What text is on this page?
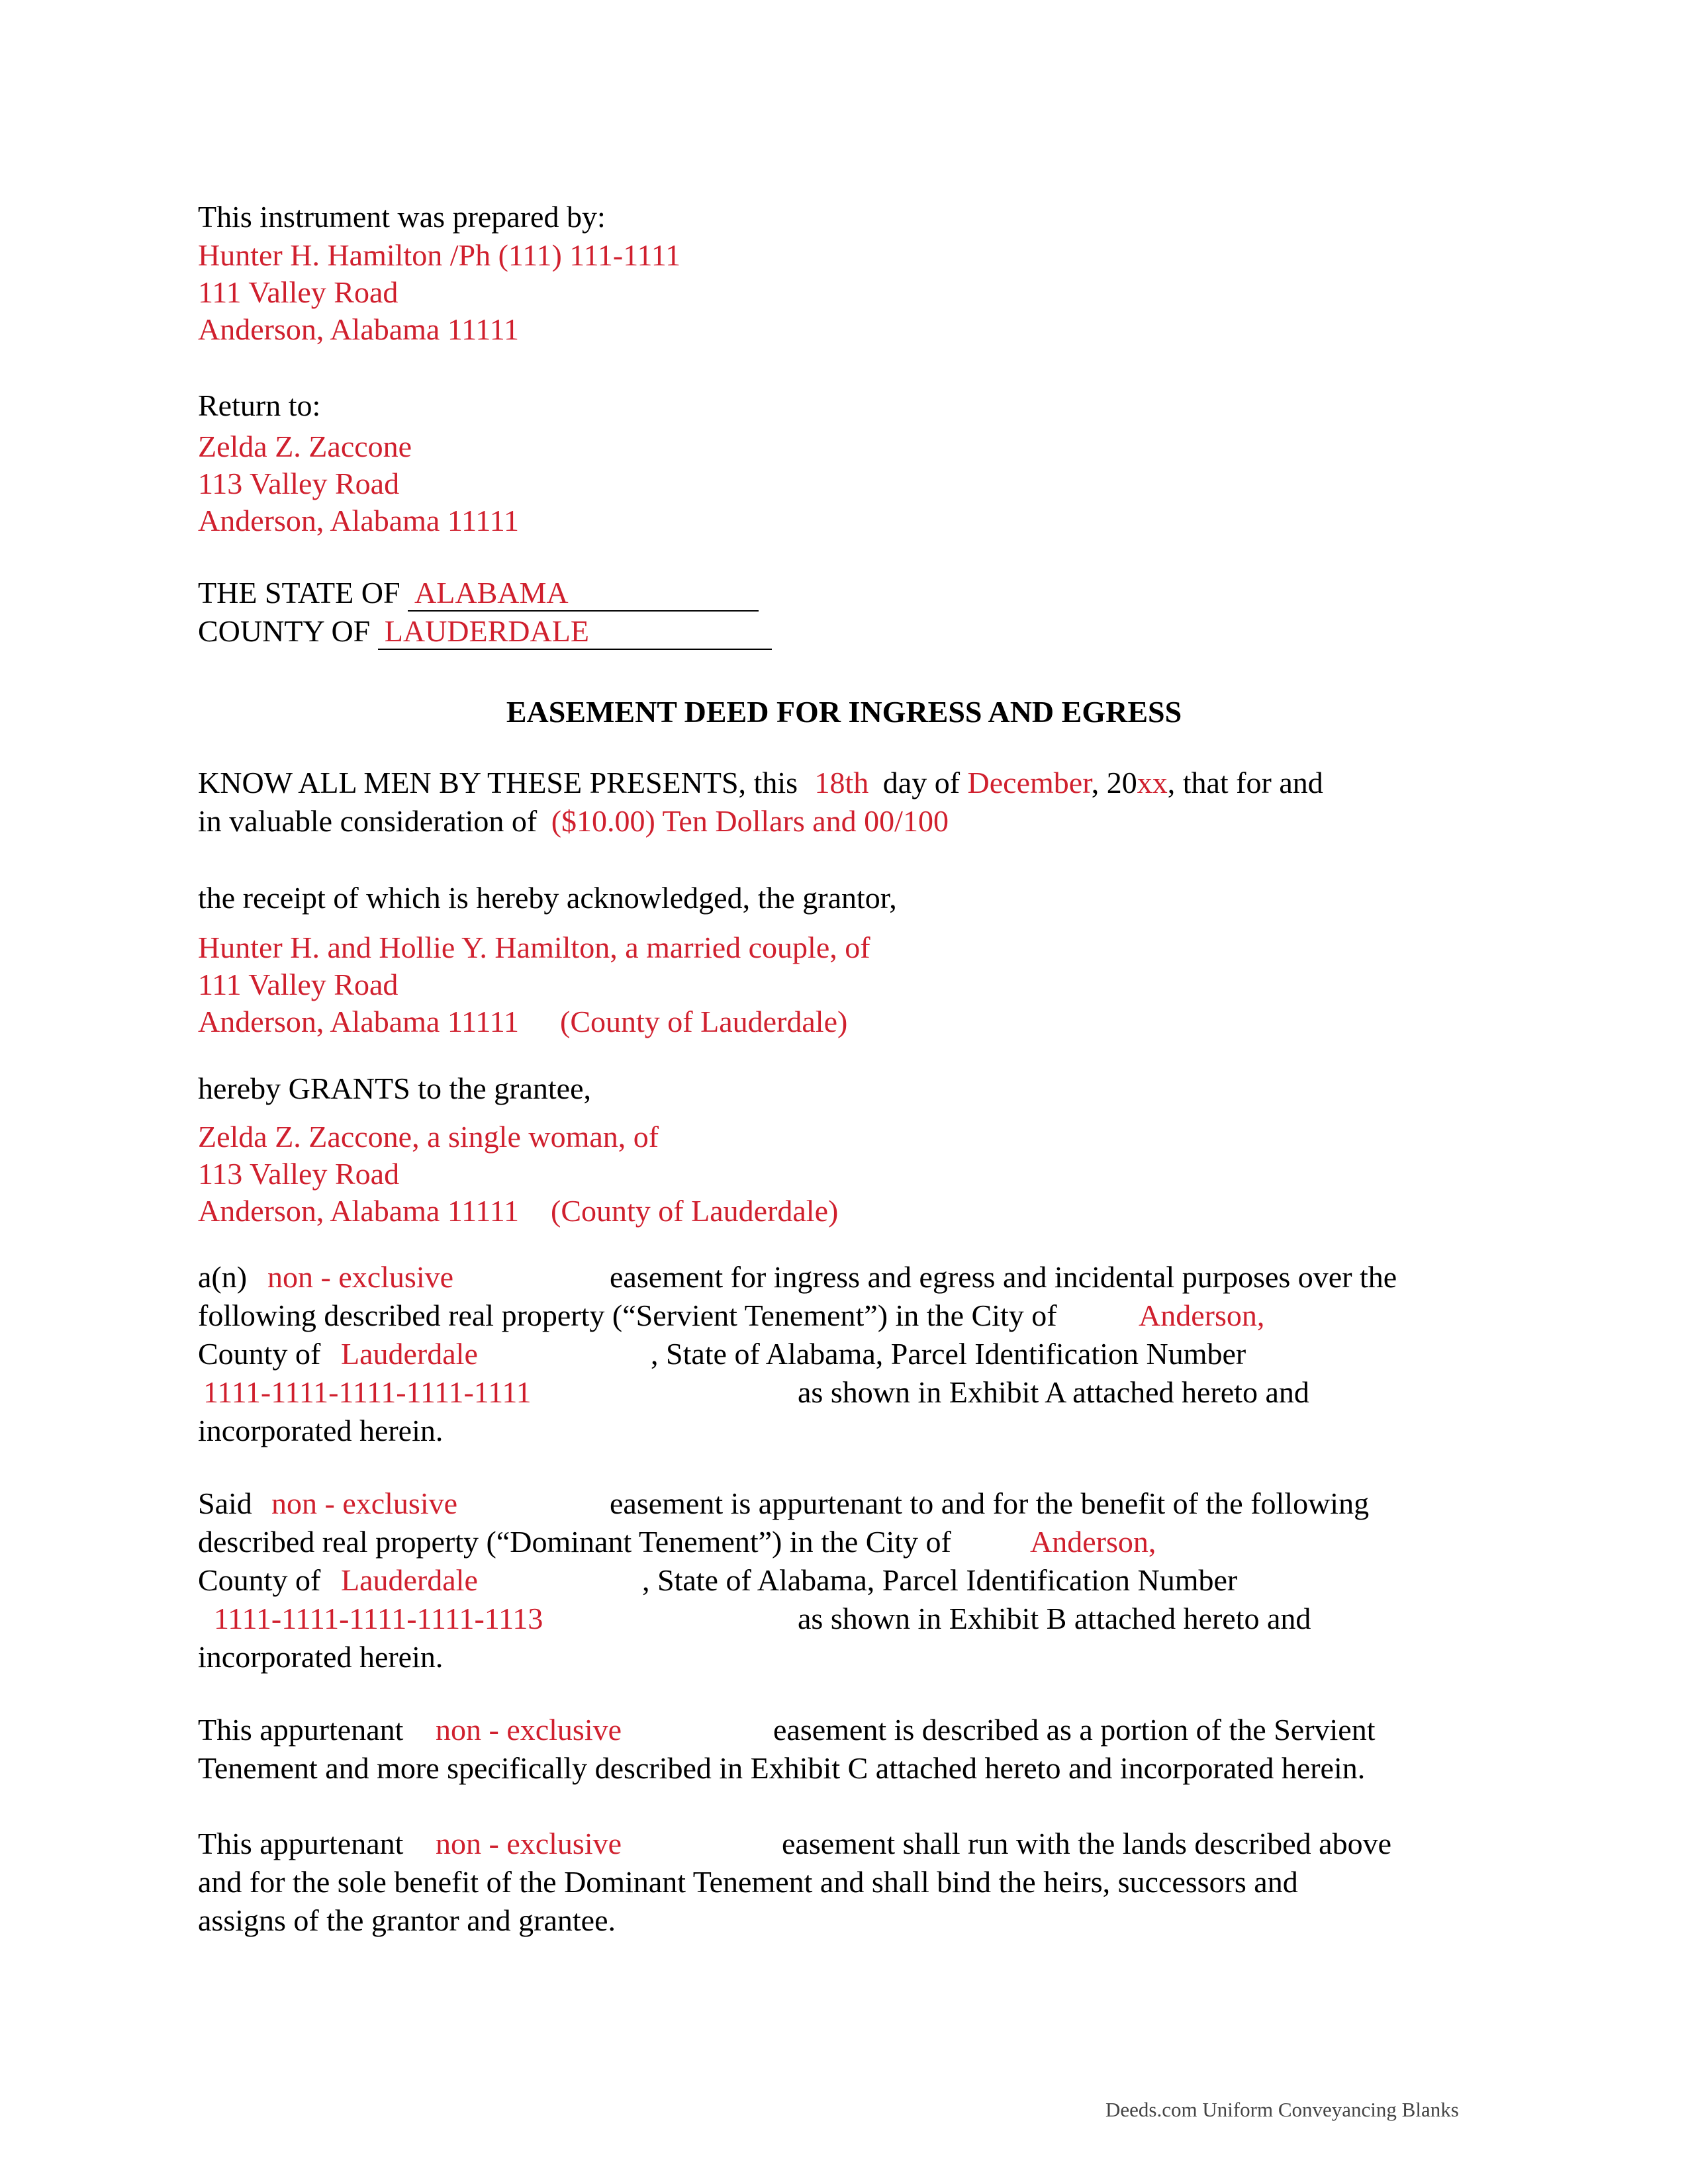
This instrument was prepared by:
Hunter H. Hamilton /Ph (111) 111-1111
111 Valley Road
Anderson, Alabama 11111
Return to:
Zelda Z. Zaccone
113 Valley Road
Anderson, Alabama 11111
THE STATE OF ALABAMA
COUNTY OF LAUDERDALE
EASEMENT DEED FOR INGRESS AND EGRESS
KNOW ALL MEN BY THESE PRESENTS, this 18th day of December, 20xx, that for and
in valuable consideration of ($10.00) Ten Dollars and 00/100
the receipt of which is hereby acknowledged, the grantor,
Hunter H. and Hollie Y. Hamilton, a married couple, of
111 Valley Road
Anderson, Alabama 11111 (County of Lauderdale)
hereby GRANTS to the grantee,
Zelda Z. Zaccone, a single woman, of
113 Valley Road
Anderson, Alabama 11111 (County of Lauderdale)
a(n) non - exclusive	easement for ingress and egress and incidental purposes over the
following described real property (“Servient Tenement”) in the City of	Anderson,
County of Lauderdale	, State of Alabama, Parcel Identification Number
1111-1111-1111-1111-1111	as shown in Exhibit A attached hereto and
incorporated herein.
Said non - exclusive	easement is appurtenant to and for the benefit of the following
described real property (“Dominant Tenement”) in the City of	Anderson,
County of Lauderdale	, State of Alabama, Parcel Identification Number
1111-1111-1111-1111-1113	as shown in Exhibit B attached hereto and
incorporated herein.
This appurtenant non - exclusive	easement is described as a portion of the Servient
Tenement and more specifically described in Exhibit C attached hereto and incorporated herein.
This appurtenant non - exclusive	easement shall run with the lands described above
and for the sole benefit of the Dominant Tenement and shall bind the heirs, successors and
assigns of the grantor and grantee.
Deeds.com Uniform Conveyancing Blanks
